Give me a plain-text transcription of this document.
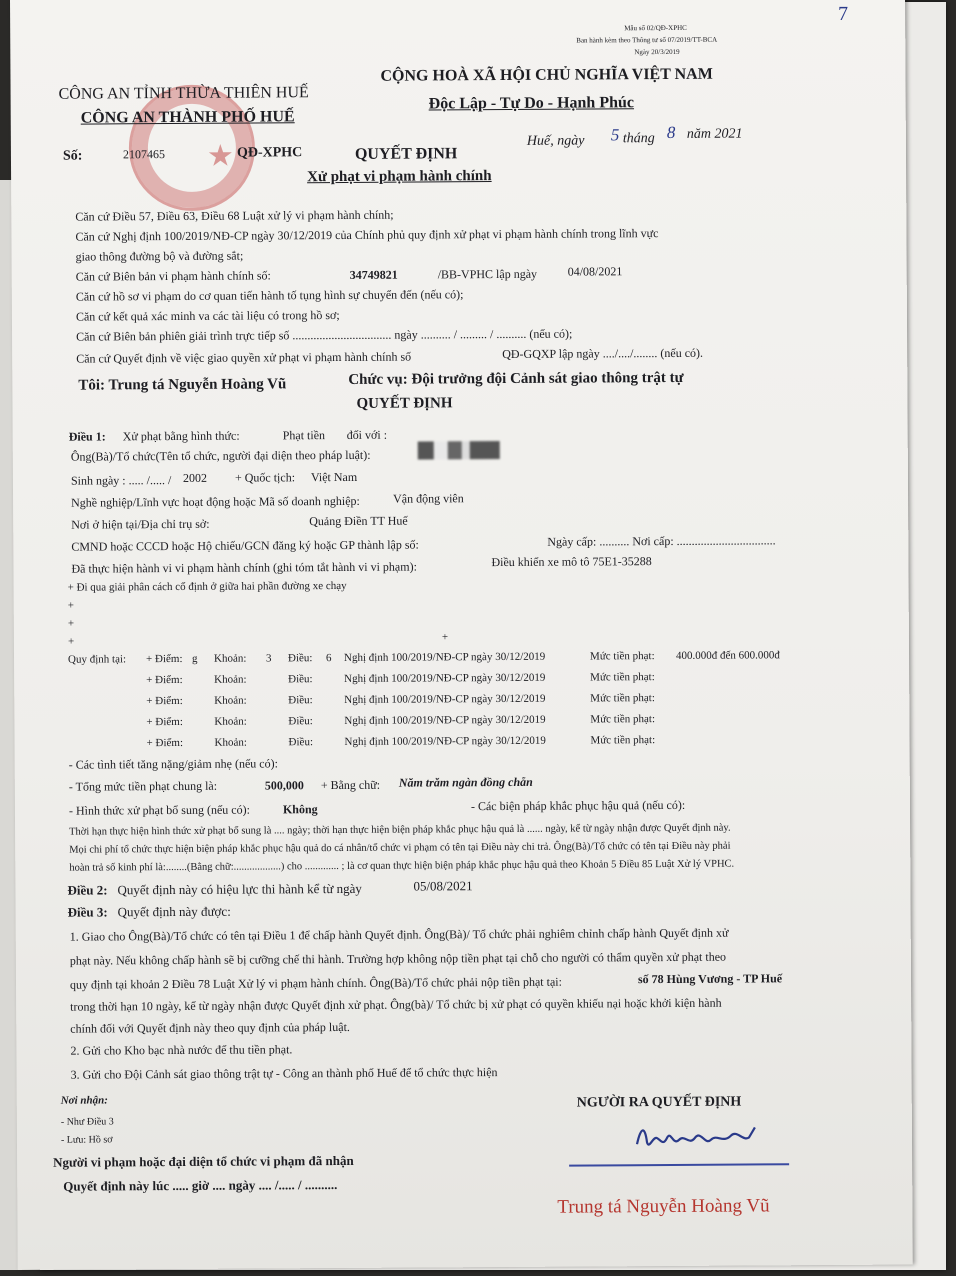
Mẫu số 02/QĐ-XPHC
Ban hành kèm theo Thông tư số 07/2019/TT-BCA
Ngày 20/3/2019
7
★
CÔNG AN TỈNH THỪA THIÊN HUẾ
CÔNG AN THÀNH PHỐ HUẾ
CỘNG HOÀ XÃ HỘI CHỦ NGHĨA VIỆT NAM
Độc Lập - Tự Do - Hạnh Phúc
Số:	2107465	QĐ-XPHC
Huế, ngày 5 tháng 8 năm 2021
QUYẾT ĐỊNH
Xử phạt vi phạm hành chính
Căn cứ Điều 57, Điều 63, Điều 68 Luật xử lý vi phạm hành chính;
Căn cứ Nghị định 100/2019/NĐ-CP ngày 30/12/2019 của Chính phủ quy định xử phạt vi phạm hành chính trong lĩnh vực
giao thông đường bộ và đường sắt;
Căn cứ Biên bản vi phạm hành chính số:	34749821	/BB-VPHC lập ngày	04/08/2021
Căn cứ hồ sơ vi phạm do cơ quan tiến hành tố tụng hình sự chuyển đến (nếu có);
Căn cứ kết quả xác minh va các tài liệu có trong hồ sơ;
Căn cứ Biên bản phiên giải trình trực tiếp số ................................. ngày .......... / ......... / .......... (nếu có);
Căn cứ Quyết định về việc giao quyền xử phạt vi phạm hành chính số	QĐ-GQXP lập ngày ..../..../........ (nếu có).
Tôi: Trung tá Nguyễn Hoàng Vũ	Chức vụ: Đội trưởng đội Cảnh sát giao thông trật tự
QUYẾT ĐỊNH
Điều 1: Xử phạt bằng hình thức:	Phạt tiền đối với :
Ông(Bà)/Tổ chức(Tên tổ chức, người đại diện theo pháp luật):
Sinh ngày : ..... /..... / 2002 + Quốc tịch: Việt Nam
Nghề nghiệp/Lĩnh vực hoạt động hoặc Mã số doanh nghiệp:	Vận động viên
Nơi ở hiện tại/Địa chỉ trụ sở:	Quảng Điền TT Huế
CMND hoặc CCCD hoặc Hộ chiếu/GCN đăng ký hoặc GP thành lập số:	Ngày cấp: .......... Nơi cấp: .................................
Đã thực hiện hành vi vi phạm hành chính (ghi tóm tắt hành vi vi phạm):	Điều khiển xe mô tô 75E1-35288
+ Đi qua giải phân cách cố định ở giữa hai phần đường xe chạy
+
+
+	+
Quy định tại: + Điểm: g Khoản: 3 Điều: 6 Nghị định 100/2019/NĐ-CP ngày 30/12/2019	Mức tiền phạt: 400.000đ đến 600.000đ
+ Điểm:	Khoản:	Điều:	Nghị định 100/2019/NĐ-CP ngày 30/12/2019	Mức tiền phạt:
+ Điểm:	Khoản:	Điều:	Nghị định 100/2019/NĐ-CP ngày 30/12/2019	Mức tiền phạt:
+ Điểm:	Khoản:	Điều:	Nghị định 100/2019/NĐ-CP ngày 30/12/2019	Mức tiền phạt:
+ Điểm:	Khoản:	Điều:	Nghị định 100/2019/NĐ-CP ngày 30/12/2019	Mức tiền phạt:
- Các tình tiết tăng nặng/giảm nhẹ (nếu có):
- Tổng mức tiền phạt chung là:	500,000 + Bằng chữ: Năm trăm ngàn đồng chẵn
- Hình thức xử phạt bổ sung (nếu có):	Không	- Các biện pháp khắc phục hậu quả (nếu có):
Thời hạn thực hiện hình thức xử phạt bổ sung là .... ngày; thời hạn thực hiện biện pháp khắc phục hậu quả là ...... ngày, kể từ ngày nhận được Quyết định này.
Mọi chi phí tổ chức thực hiện biện pháp khắc phục hậu quả do cá nhân/tổ chức vi phạm có tên tại Điều này chi trả. Ông(Bà)/Tổ chức có tên tại Điều này phải
hoàn trả số kinh phí là:........(Bằng chữ:..................) cho ............. ; là cơ quan thực hiện biện pháp khắc phục hậu quả theo Khoản 5 Điều 85 Luật Xử lý VPHC.
Điều 2: Quyết định này có hiệu lực thi hành kể từ ngày	05/08/2021
Điều 3: Quyết định này được:
1. Giao cho Ông(Bà)/Tổ chức có tên tại Điều 1 để chấp hành Quyết định. Ông(Bà)/ Tổ chức phải nghiêm chỉnh chấp hành Quyết định xử
phạt này. Nếu không chấp hành sẽ bị cưỡng chế thi hành. Trường hợp không nộp tiền phạt tại chỗ cho người có thẩm quyền xử phạt theo
quy định tại khoản 2 Điều 78 Luật Xử lý vi phạm hành chính. Ông(Bà)/Tổ chức phải nộp tiền phạt tại:	số 78 Hùng Vương - TP Huế
trong thời hạn 10 ngày, kể từ ngày nhận được Quyết định xử phạt. Ông(bà)/ Tổ chức bị xử phạt có quyền khiếu nại hoặc khởi kiện hành
chính đối với Quyết định này theo quy định của pháp luật.
2. Gửi cho Kho bạc nhà nước để thu tiền phạt.
3. Gửi cho Đội Cảnh sát giao thông trật tự - Công an thành phố Huế để tổ chức thực hiện
Nơi nhận:
- Như Điều 3
- Lưu: Hồ sơ
Người vi phạm hoặc đại diện tổ chức vi phạm đã nhận
Quyết định này lúc ..... giờ .... ngày .... /..... / ..........
NGƯỜI RA QUYẾT ĐỊNH
Trung tá Nguyễn Hoàng Vũ
